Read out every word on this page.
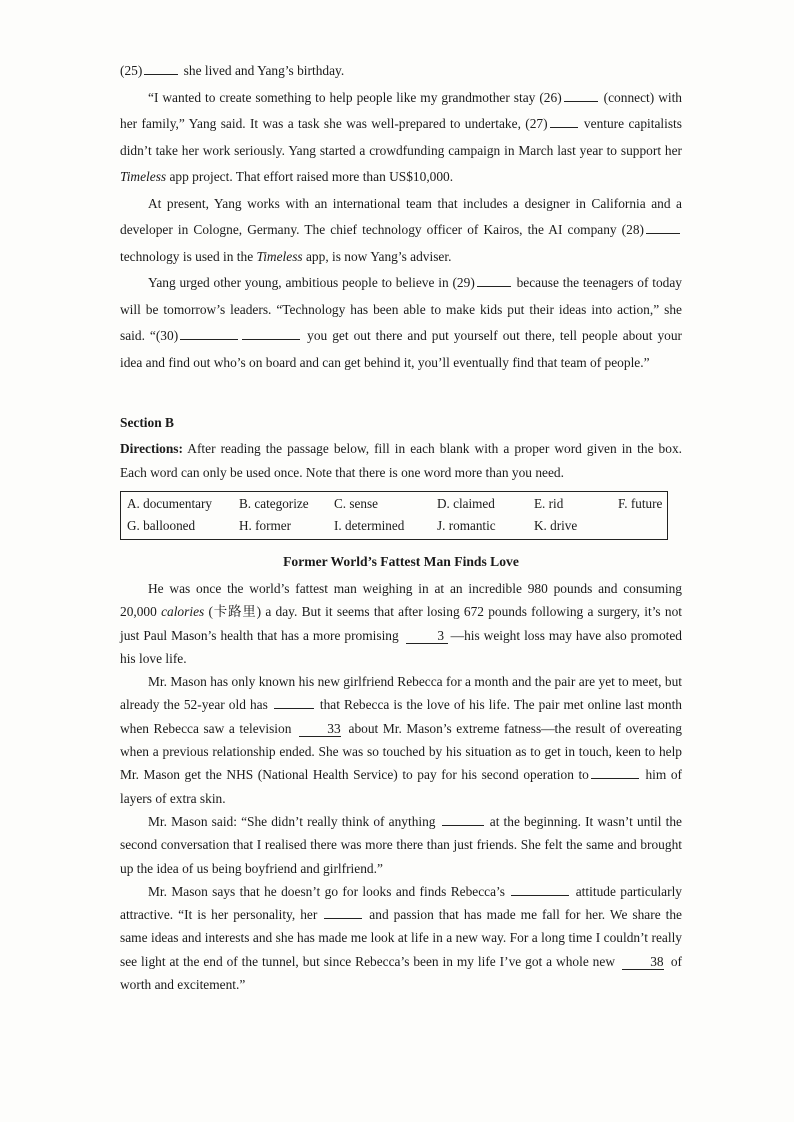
(25)	she lived and Yang’s birthday.

“I wanted to create something to help people like my grandmother stay (26)	(connect) with her family,” Yang said. It was a task she was well-prepared to undertake, (27) venture capitalists didn’t take her work seriously. Yang started a crowdfunding campaign in March last year to support her Timeless app project. That effort raised more than US$10,000.

At present, Yang works with an international team that includes a designer in California and a developer in Cologne, Germany. The chief technology officer of Kairos, the AI company (28) technology is used in the Timeless app, is now Yang’s adviser.

Yang urged other young, ambitious people to believe in (29)	because the teenagers of today will be tomorrow’s leaders. “Technology has been able to make kids put their ideas into action,” she said. “(30)	you get out there and put yourself out there, tell people about your idea and find out who’s on board and can get behind it, you’ll eventually find that team of people.”

Section B

Directions: After reading the passage below, fill in each blank with a proper word given in the box. Each word can only be used once. Note that there is one word more than you need.

A. documentary	B. categorize	C. sense	D. claimed	E. rid	F. future
G. ballooned	H. former	I. determined	J. romantic	K. drive

Former World’s Fattest Man Finds Love

He was once the world’s fattest man weighing in at an incredible 980 pounds and consuming 20,000 calories (卡路里) a day. But it seems that after losing 672 pounds following a surgery, it’s not just Paul Mason’s health that has a more promising	3 —his weight loss may have also promoted his love life.

Mr. Mason has only known his new girlfriend Rebecca for a month and the pair are yet to meet, but already the 52-year old has	that Rebecca is the love of his life. The pair met online last month when Rebecca saw a television 33 about Mr. Mason’s extreme fatness—the result of overeating when a previous relationship ended. She was so touched by his situation as to get in touch, keen to help Mr. Mason get the NHS (National Health Service) to pay for his second operation to	him of layers of extra skin.

Mr. Mason said: “She didn’t really think of anything	at the beginning. It wasn’t until the second conversation that I realised there was more there than just friends. She felt the same and brought up the idea of us being boyfriend and girlfriend.”

Mr. Mason says that he doesn’t go for looks and finds Rebecca’s	attitude particularly attractive. “It is her personality, her	and passion that has made me fall for her. We share the same ideas and interests and she has made me look at life in a new way. For a long time I couldn’t really see light at the end of the tunnel, but since Rebecca’s been in my life I’ve got a whole new 38 of worth and excitement.”
